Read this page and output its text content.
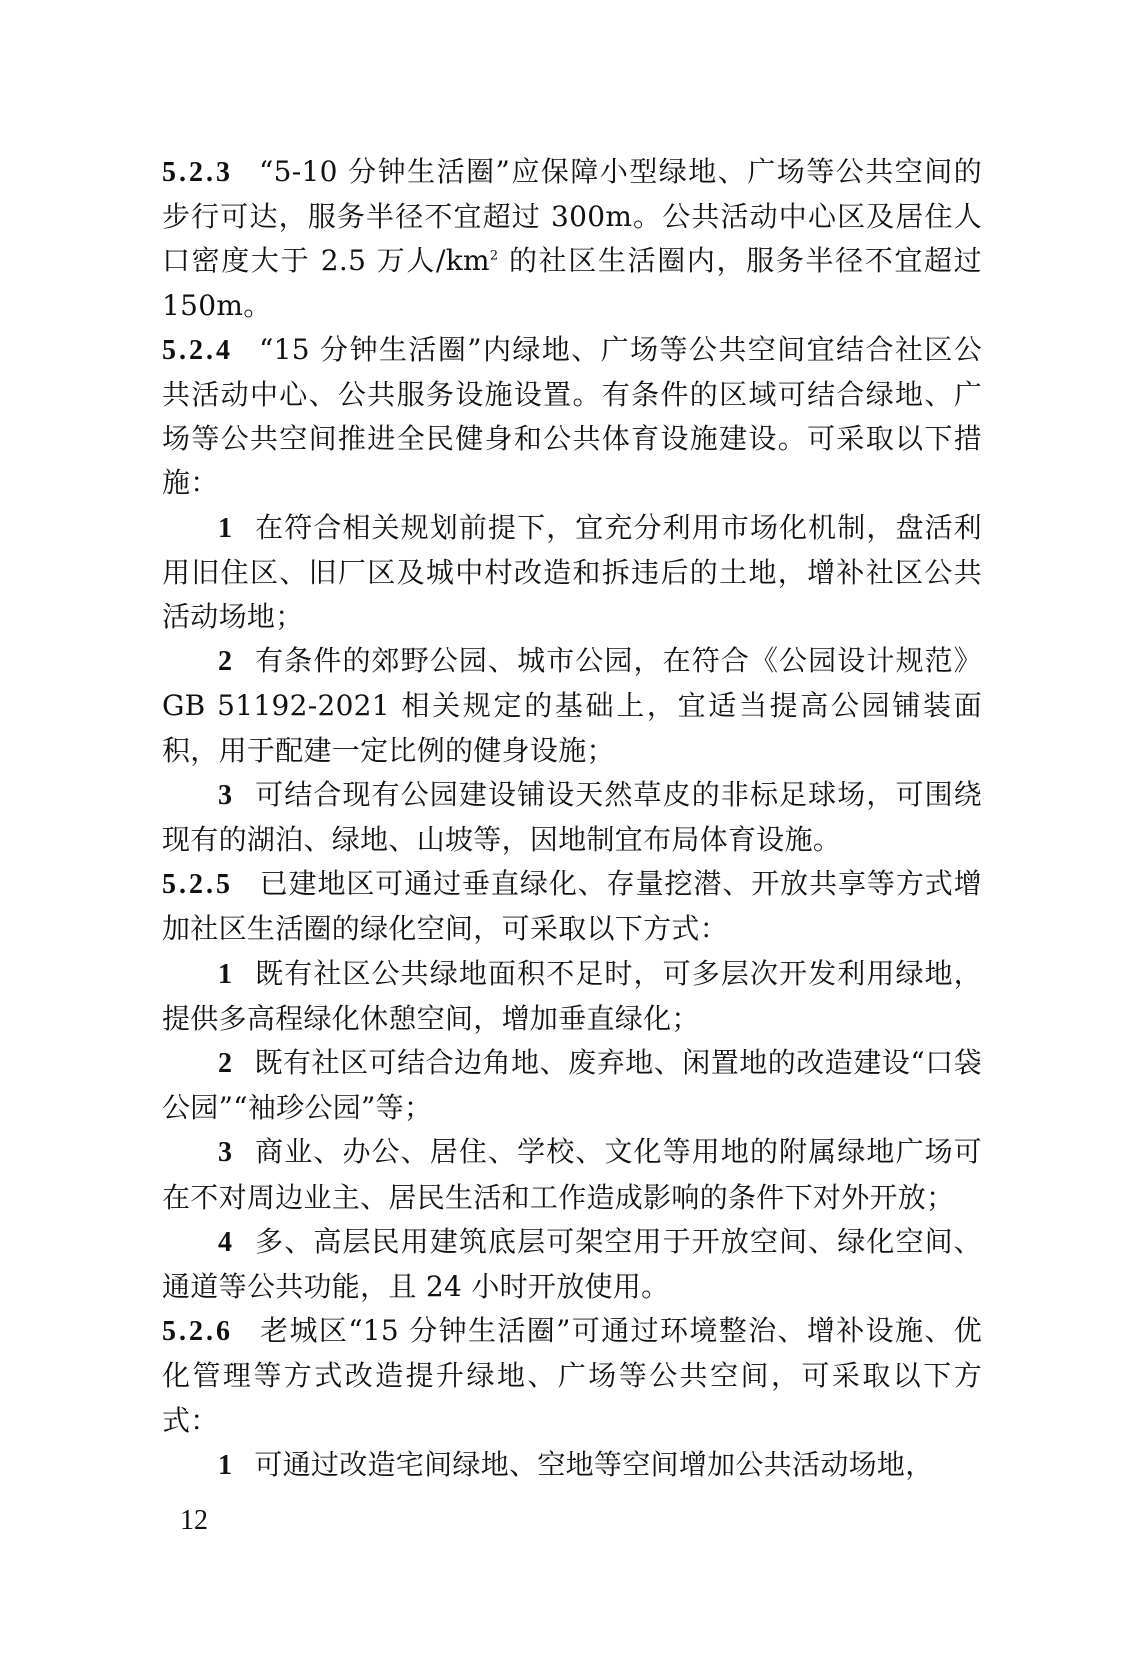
5.2.3 “5-10 分钟生活圈”应保障小型绿地、广场等公共空间的步行可达，服务半径不宜超过 300m。公共活动中心区及居住人口密度大于 2.5 万人$/km^2$ 的社区生活圈内，服务半径不宜超过 150m。

5.2.4 “15 分钟生活圈”内绿地、广场等公共空间宜结合社区公共活动中心、公共服务设施设置。有条件的区域可结合绿地、广场等公共空间推进全民健身和公共体育设施建设。可采取以下措施：

1 在符合相关规划前提下，宜充分利用市场化机制，盘活利用旧住区、旧厂区及城中村改造和拆违后的土地，增补社区公共活动场地；

2 有条件的郊野公园、城市公园，在符合《公园设计规范》GB 51192-2021 相关规定的基础上，宜适当提高公园铺装面积，用于配建一定比例的健身设施；

3 可结合现有公园建设铺设天然草皮的非标足球场，可围绕现有的湖泊、绿地、山坡等，因地制宜布局体育设施。

5.2.5 已建地区可通过垂直绿化、存量挖潜、开放共享等方式增加社区生活圈的绿化空间，可采取以下方式：

1 既有社区公共绿地面积不足时，可多层次开发利用绿地，提供多高程绿化休憩空间，增加垂直绿化；

2 既有社区可结合边角地、废弃地、闲置地的改造建设“口袋公园”“袖珍公园”等；

3 商业、办公、居住、学校、文化等用地的附属绿地广场可在不对周边业主、居民生活和工作造成影响的条件下对外开放；

4 多、高层民用建筑底层可架空用于开放空间、绿化空间、通道等公共功能，且 24 小时开放使用。

5.2.6 老城区“15 分钟生活圈”可通过环境整治、增补设施、优化管理等方式改造提升绿地、广场等公共空间，可采取以下方式：

1 可通过改造宅间绿地、空地等空间增加公共活动场地，

12
